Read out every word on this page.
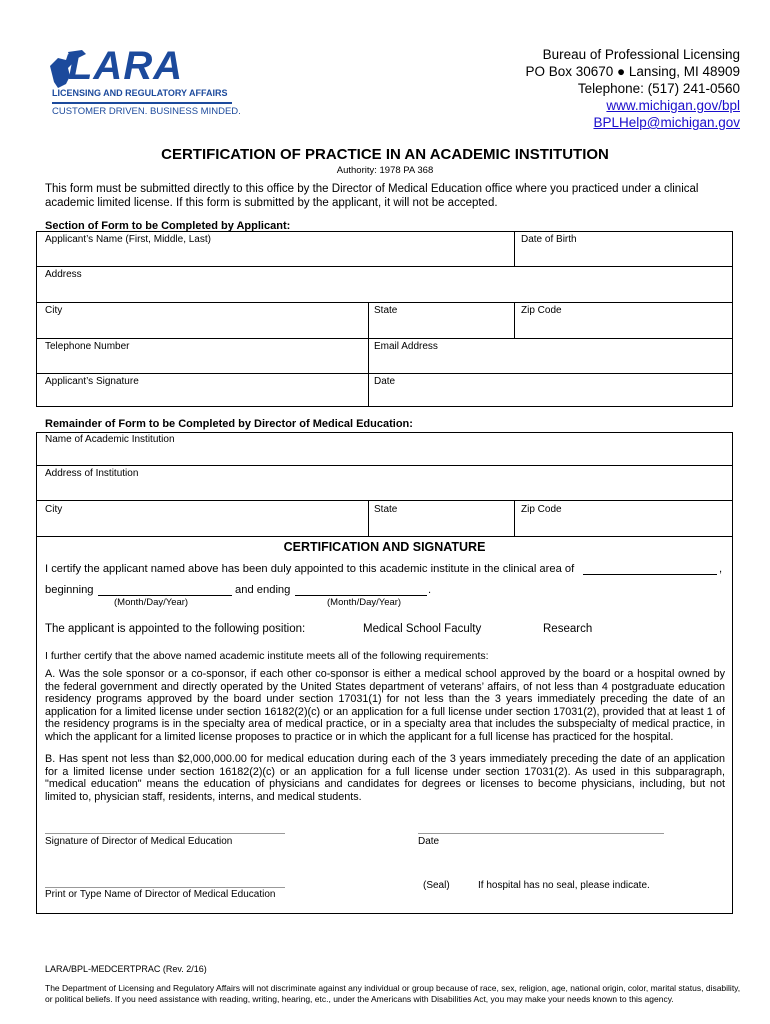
LARA
LICENSING AND REGULATORY AFFAIRS
CUSTOMER DRIVEN. BUSINESS MINDED.
Bureau of Professional Licensing
PO Box 30670 ● Lansing, MI 48909
Telephone: (517) 241-0560
www.michigan.gov/bpl
BPLHelp@michigan.gov
CERTIFICATION OF PRACTICE IN AN ACADEMIC INSTITUTION
Authority: 1978 PA 368
This form must be submitted directly to this office by the Director of Medical Education office where you practiced under a clinical academic limited license. If this form is submitted by the applicant, it will not be accepted.
Section of Form to be Completed by Applicant:
Applicant’s Name (First, Middle, Last)	Date of Birth
Address
City	State	Zip Code
Telephone Number	Email Address
Applicant’s Signature	Date
Remainder of Form to be Completed by Director of Medical Education:
Name of Academic Institution
Address of Institution
City	State	Zip Code
CERTIFICATION AND SIGNATURE
I certify the applicant named above has been duly appointed to this academic institute in the clinical area of	,
beginning	and ending	.
(Month/Day/Year)	(Month/Day/Year)
The applicant is appointed to the following position:	Medical School Faculty	Research
I further certify that the above named academic institute meets all of the following requirements:
A. Was the sole sponsor or a co-sponsor, if each other co-sponsor is either a medical school approved by the board or a hospital owned by the federal government and directly operated by the United States department of veterans’ affairs, of not less than 4 postgraduate education residency programs approved by the board under section 17031(1) for not less than the 3 years immediately preceding the date of an application for a limited license under section 16182(2)(c) or an application for a full license under section 17031(2), provided that at least 1 of the residency programs is in the specialty area of medical practice, or in a specialty area that includes the subspecialty of medical practice, in which the applicant for a limited license proposes to practice or in which the applicant for a full license has practiced for the hospital.
B. Has spent not less than $2,000,000.00 for medical education during each of the 3 years immediately preceding the date of an application for a limited license under section 16182(2)(c) or an application for a full license under section 17031(2). As used in this subparagraph, "medical education" means the education of physicians and candidates for degrees or licenses to become physicians, including, but not limited to, physician staff, residents, interns, and medical students.
Signature of Director of Medical Education	Date
(Seal)	If hospital has no seal, please indicate.
Print or Type Name of Director of Medical Education
LARA/BPL-MEDCERTPRAC (Rev. 2/16)
The Department of Licensing and Regulatory Affairs will not discriminate against any individual or group because of race, sex, religion, age, national origin, color, marital status, disability, or political beliefs. If you need assistance with reading, writing, hearing, etc., under the Americans with Disabilities Act, you may make your needs known to this agency.
